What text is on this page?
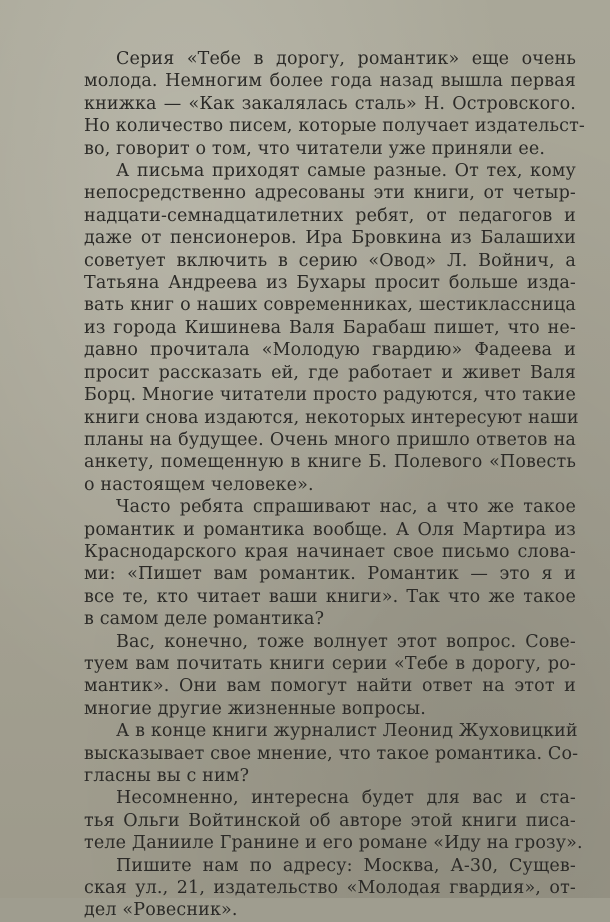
Серия «Тебе в дорогу, романтик» еще очень
молода. Немногим более года назад вышла первая
книжка — «Как закалялась сталь» Н. Островского.
Но количество писем, которые получает издательст-
во, говорит о том, что читатели уже приняли ее.
А письма приходят самые разные. От тех, кому
непосредственно адресованы эти книги, от четыр-
надцати-семнадцатилетних ребят, от педагогов и
даже от пенсионеров. Ира Бровкина из Балашихи
советует включить в серию «Овод» Л. Войнич, а
Татьяна Андреева из Бухары просит больше изда-
вать книг о наших современниках, шестиклассница
из города Кишинева Валя Барабаш пишет, что не-
давно прочитала «Молодую гвардию» Фадеева и
просит рассказать ей, где работает и живет Валя
Борц. Многие читатели просто радуются, что такие
книги снова издаются, некоторых интересуют наши
планы на будущее. Очень много пришло ответов на
анкету, помещенную в книге Б. Полевого «Повесть
о настоящем человеке».
Часто ребята спрашивают нас, а что же такое
романтик и романтика вообще. А Оля Мартира из
Краснодарского края начинает свое письмо слова-
ми: «Пишет вам романтик. Романтик — это я и
все те, кто читает ваши книги». Так что же такое
в самом деле романтика?
Вас, конечно, тоже волнует этот вопрос. Сове-
туем вам почитать книги серии «Тебе в дорогу, ро-
мантик». Они вам помогут найти ответ на этот и
многие другие жизненные вопросы.
А в конце книги журналист Леонид Жуховицкий
высказывает свое мнение, что такое романтика. Со-
гласны вы с ним?
Несомненно, интересна будет для вас и ста-
тья Ольги Войтинской об авторе этой книги писа-
теле Даниилe Гранине и его романе «Иду на грозу».
Пишите нам по адресу: Москва, А-30, Сущев-
ская ул., 21, издательство «Молодая гвардия», от-
дел «Ровесник».
